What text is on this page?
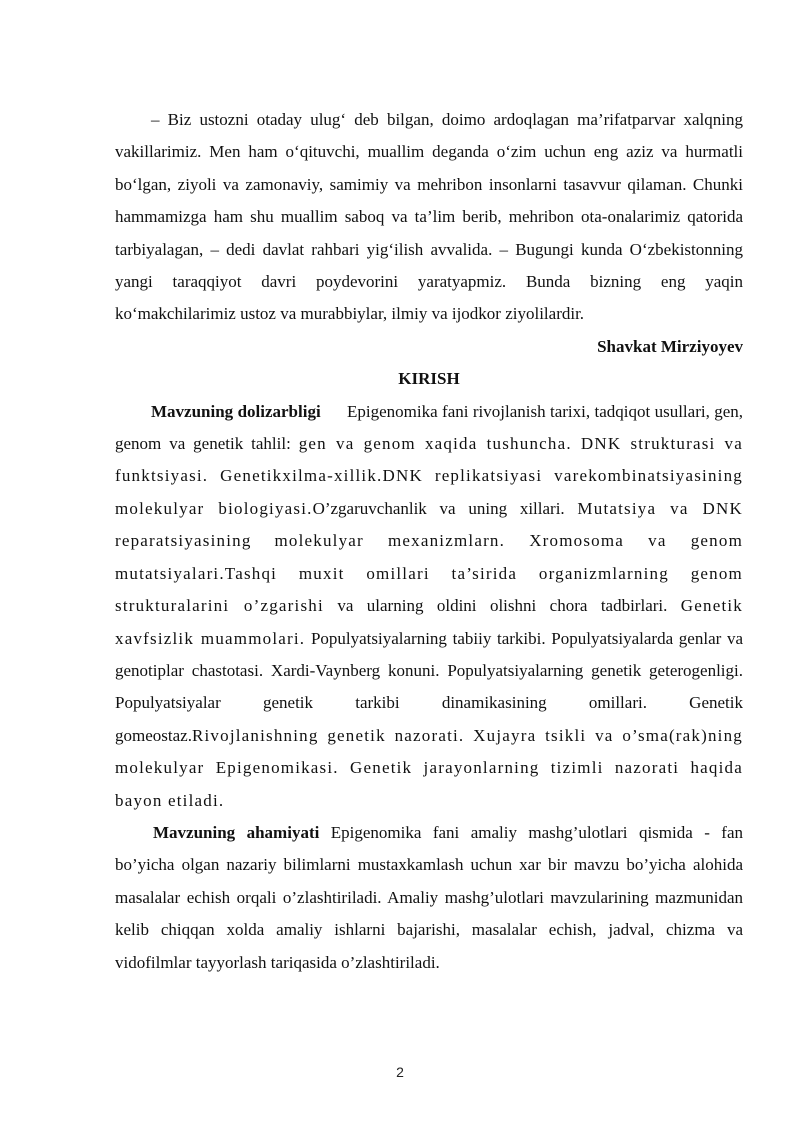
– Biz ustozni otaday ulug‘ deb bilgan, doimo ardoqlagan ma’rifatparvar xalqning vakillarimiz. Men ham o‘qituvchi, muallim deganda o‘zim uchun eng aziz va hurmatli bo‘lgan, ziyoli va zamonaviy, samimiy va mehribon insonlarni tasavvur qilaman. Chunki hammamizga ham shu muallim saboq va ta’lim berib, mehribon ota-onalarimiz qatorida tarbiyalagan, – dedi davlat rahbari yig‘ilish avvalida. – Bugungi kunda O‘zbekistonning yangi taraqqiyot davri poydevorini yaratyapmiz. Bunda bizning eng yaqin ko‘makchilarimiz ustoz va murabbiylar, ilmiy va ijodkor ziyolilardir.

Shavkat Mirziyoyev

KIRISH

Mavzuning dolizarbligi Epigenomika fani rivojlanish tarixi, tadqiqot usullari, gen, genom va genetik tahlil: gen va genom xaqida tushuncha. DNK strukturasi va funktsiyasi. Genetikxilma-xillik.DNK replikatsiyasi varekombinatsiyasining molekulyar biologiyasi.O’zgaruvchanlik va uning xillari. Mutatsiya va DNK reparatsiyasining molekulyar mexanizmlarn. Xromosoma va genom mutatsiyalari.Tashqi muxit omillari ta’sirida organizmlarning genom strukturalarini o’zgarishi va ularning oldini olishni chora tadbirlari. Genetik xavfsizlik muammolari. Populyatsiyalarning tabiiy tarkibi. Populyatsiyalarda genlar va genotiplar chastotasi. Xardi-Vaynberg konuni. Populyatsiyalarning genetik geterogenligi. Populyatsiyalar genetik tarkibi dinamikasining omillari. Genetik gomeostaz.Rivojlanishning genetik nazorati. Xujayra tsikli va o’sma(rak)ning molekulyar Epigenomikasi. Genetik jarayonlarning tizimli nazorati haqida bayon etiladi.

Mavzuning ahamiyati Epigenomika fani amaliy mashg’ulotlari qismida - fan bo’yicha olgan nazariy bilimlarni mustaxkamlash uchun xar bir mavzu bo’yicha alohida masalalar echish orqali o’zlashtiriladi. Amaliy mashg’ulotlari mavzularining mazmunidan kelib chiqqan xolda amaliy ishlarni bajarishi, masalalar echish, jadval, chizma va vidofilmlar tayyorlash tariqasida o’zlashtiriladi.

2
